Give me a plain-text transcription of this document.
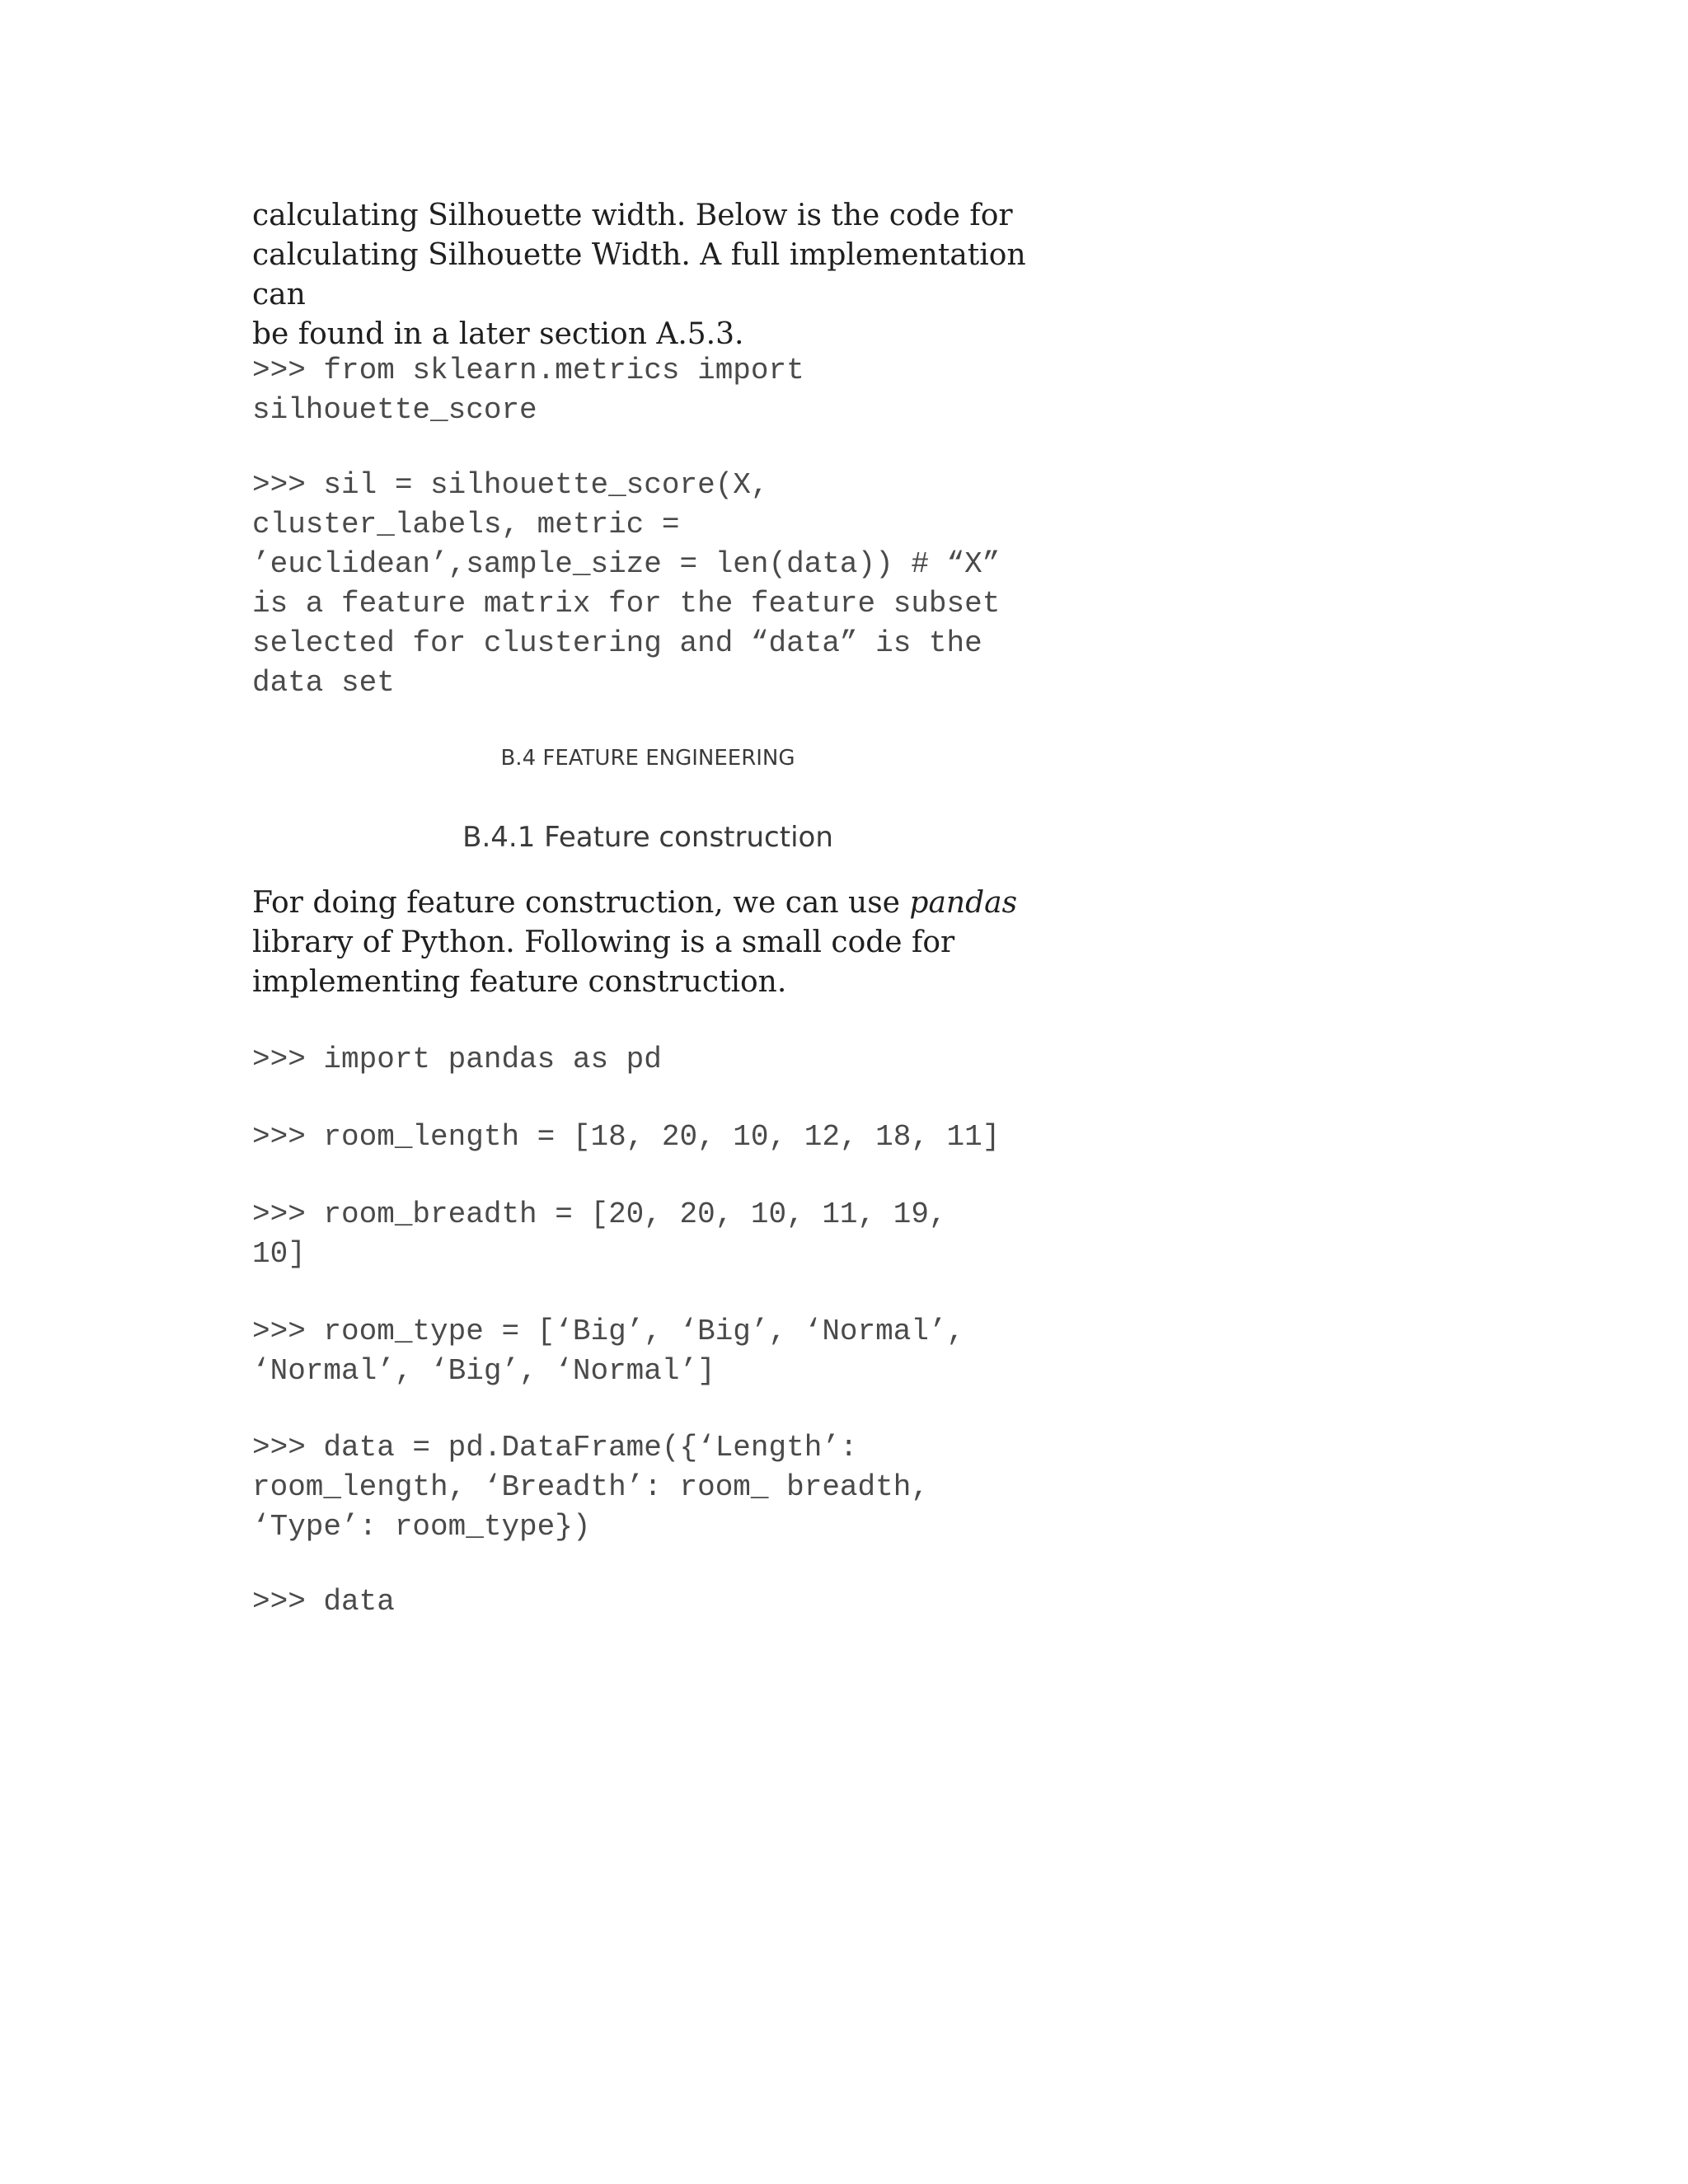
calculating Silhouette width. Below is the code for
calculating Silhouette Width. A full implementation can
be found in a later section A.5.3.

>>> from sklearn.metrics import
silhouette_score
>>> sil = silhouette_score(X,
cluster_labels, metric =
’euclidean’,sample_size = len(data)) # “X”
is a feature matrix for the feature subset
selected for clustering and “data” is the
data set
B.4 FEATURE ENGINEERING
B.4.1 Feature construction

For doing feature construction, we can use pandas
library of Python. Following is a small code for
implementing feature construction.

>>> import pandas as pd
>>> room_length = [18, 20, 10, 12, 18, 11]
>>> room_breadth = [20, 20, 10, 11, 19,
10]
>>> room_type = [‘Big’, ‘Big’, ‘Normal’,
‘Normal’, ‘Big’, ‘Normal’]
>>> data = pd.DataFrame({‘Length’:
room_length, ‘Breadth’: room_ breadth,
‘Type’: room_type})
>>> data
